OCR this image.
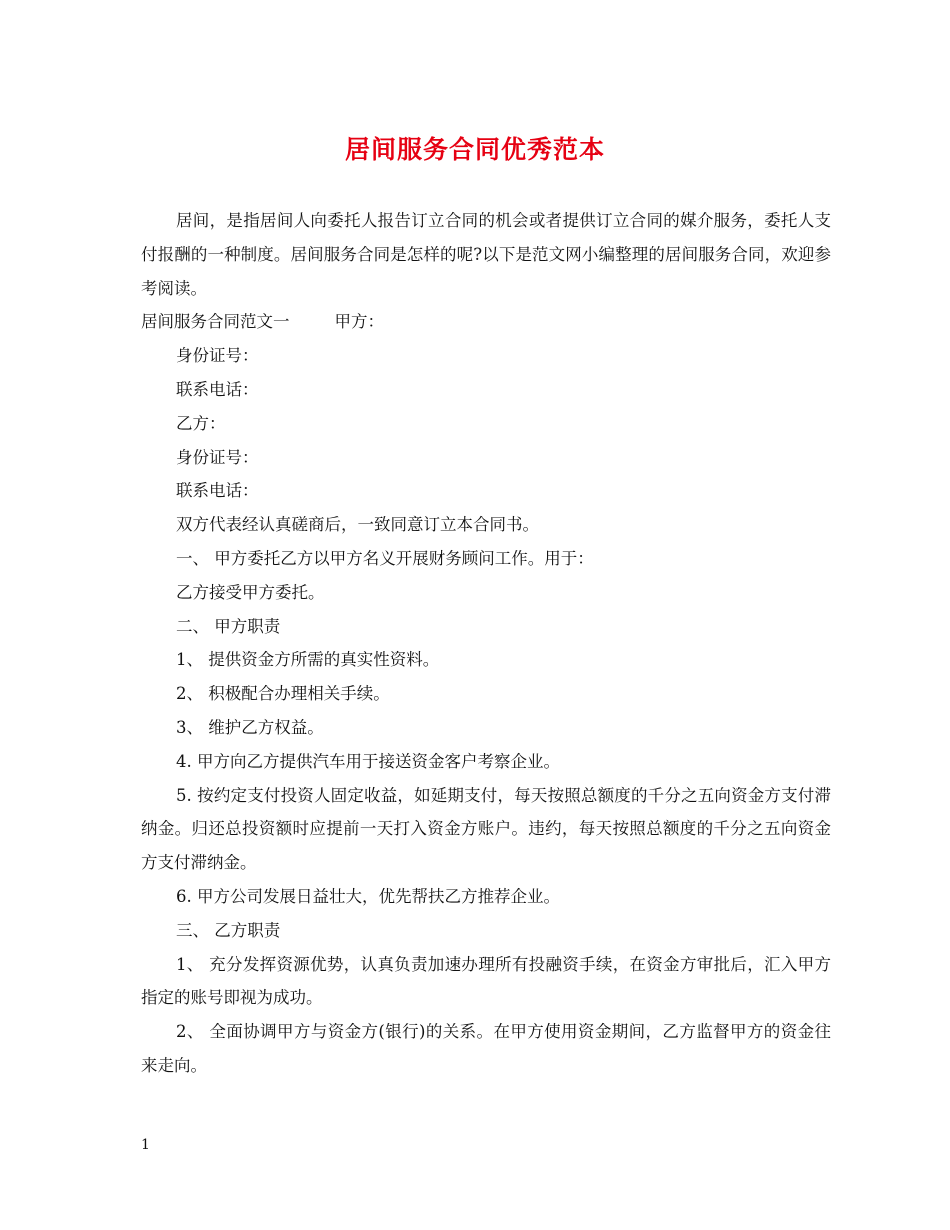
居间服务合同优秀范本

居间，是指居间人向委托人报告订立合同的机会或者提供订立合同的媒介服务，委托人支付报酬的一种制度。居间服务合同是怎样的呢?以下是范文网小编整理的居间服务合同，欢迎参考阅读。

居间服务合同范文一	甲方：

身份证号：

联系电话：

乙方：

身份证号：

联系电话：

双方代表经认真磋商后，一致同意订立本合同书。

一、 甲方委托乙方以甲方名义开展财务顾问工作。用于：

乙方接受甲方委托。

二、 甲方职责

1、 提供资金方所需的真实性资料。

2、 积极配合办理相关手续。

3、 维护乙方权益。

4. 甲方向乙方提供汽车用于接送资金客户考察企业。

5. 按约定支付投资人固定收益，如延期支付，每天按照总额度的千分之五向资金方支付滞纳金。归还总投资额时应提前一天打入资金方账户。违约，每天按照总额度的千分之五向资金方支付滞纳金。

6. 甲方公司发展日益壮大，优先帮扶乙方推荐企业。

三、 乙方职责

1、 充分发挥资源优势，认真负责加速办理所有投融资手续，在资金方审批后，汇入甲方指定的账号即视为成功。

2、 全面协调甲方与资金方(银行)的关系。在甲方使用资金期间，乙方监督甲方的资金往来走向。

1
